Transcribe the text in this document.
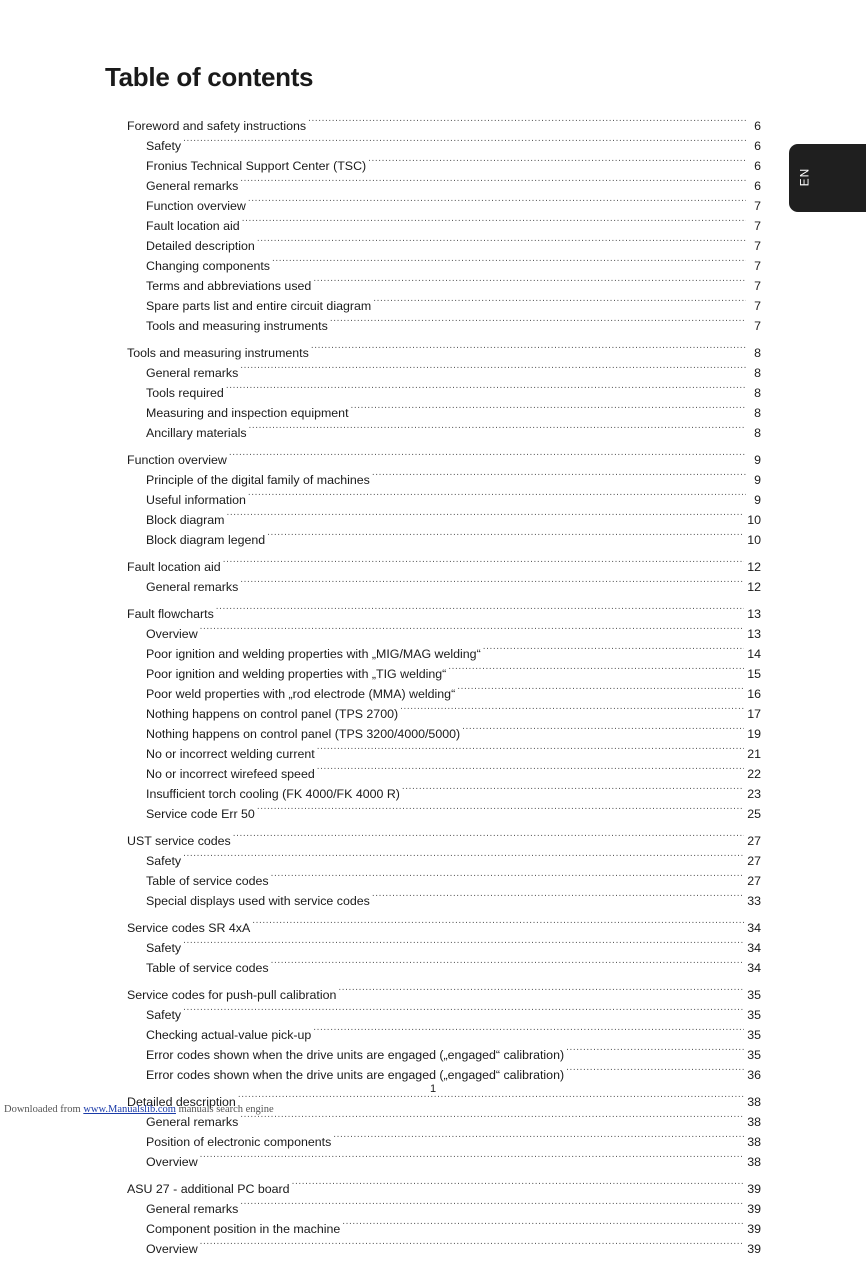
Table of contents
Foreword and safety instructions .....	6
Safety .....	6
Fronius Technical Support Center (TSC) .....	6
General remarks .....	6
Function overview .....	7
Fault location aid .....	7
Detailed description .....	7
Changing components .....	7
Terms and abbreviations used .....	7
Spare parts list and entire circuit diagram .....	7
Tools and measuring instruments .....	7
Tools and measuring instruments .....	8
General remarks .....	8
Tools required .....	8
Measuring and inspection equipment .....	8
Ancillary materials .....	8
Function overview .....	9
Principle of the digital family of machines .....	9
Useful information .....	9
Block diagram .....	10
Block diagram legend .....	10
Fault location aid .....	12
General remarks .....	12
Fault flowcharts .....	13
Overview .....	13
Poor ignition and welding properties with „MIG/MAG welding“ .....	14
Poor ignition and welding properties with „TIG welding“ .....	15
Poor weld properties with „rod electrode (MMA) welding“ .....	16
Nothing happens on control panel (TPS 2700) .....	17
Nothing happens on control panel (TPS 3200/4000/5000) .....	19
No or incorrect welding current .....	21
No or incorrect wirefeed speed .....	22
Insufficient torch cooling (FK 4000/FK 4000 R) .....	23
Service code Err 50 .....	25
UST service codes .....	27
Safety .....	27
Table of service codes .....	27
Special displays used with service codes .....	33
Service codes SR 4xA .....	34
Safety .....	34
Table of service codes .....	34
Service codes for push-pull calibration .....	35
Safety .....	35
Checking actual-value pick-up .....	35
Error codes shown when the drive units are engaged („engaged“ calibration) .....	35
Error codes shown when the drive units are engaged („engaged“ calibration) .....	36
Detailed description .....	38
General remarks .....	38
Position of electronic components .....	38
Overview .....	38
ASU 27 - additional PC board .....	39
General remarks .....	39
Component position in the machine .....	39
Overview .....	39
EN
1
Downloaded from www.Manualslib.com manuals search engine
